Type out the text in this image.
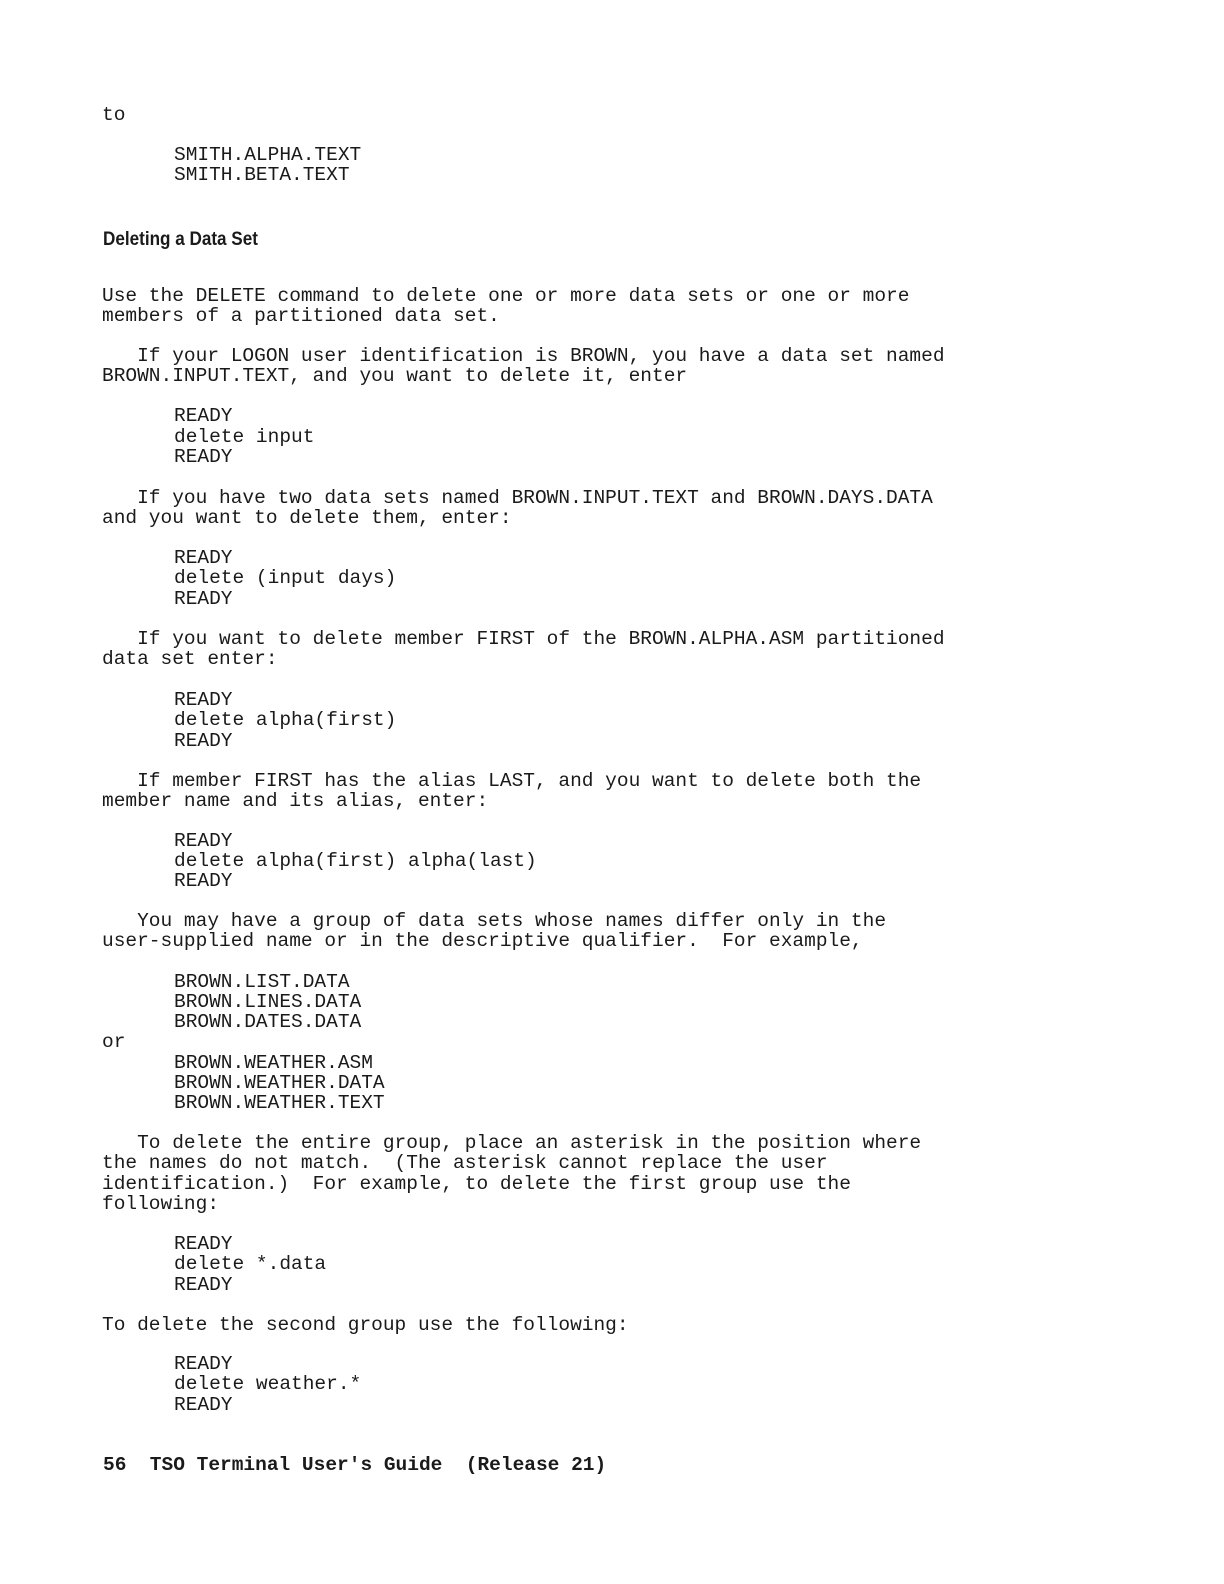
to
SMITH.ALPHA.TEXT
SMITH.BETA.TEXT
Deleting a Data Set
Use the DELETE command to delete one or more data sets or one or more
members of a partitioned data set.
If your LOGON user identification is BROWN, you have a data set named
BROWN.INPUT.TEXT, and you want to delete it, enter
READY
delete input
READY
If you have two data sets named BROWN.INPUT.TEXT and BROWN.DAYS.DATA
and you want to delete them, enter:
READY
delete (input days)
READY
If you want to delete member FIRST of the BROWN.ALPHA.ASM partitioned
data set enter:
READY
delete alpha(first)
READY
If member FIRST has the alias LAST, and you want to delete both the
member name and its alias, enter:
READY
delete alpha(first) alpha(last)
READY
You may have a group of data sets whose names differ only in the
user-supplied name or in the descriptive qualifier.  For example,
BROWN.LIST.DATA
BROWN.LINES.DATA
BROWN.DATES.DATA
or
BROWN.WEATHER.ASM
BROWN.WEATHER.DATA
BROWN.WEATHER.TEXT
To delete the entire group, place an asterisk in the position where
the names do not match.  (The asterisk cannot replace the user
identification.)  For example, to delete the first group use the
following:
READY
delete *.data
READY
To delete the second group use the following:
READY
delete weather.*
READY
56  TSO Terminal User's Guide  (Release 21)
